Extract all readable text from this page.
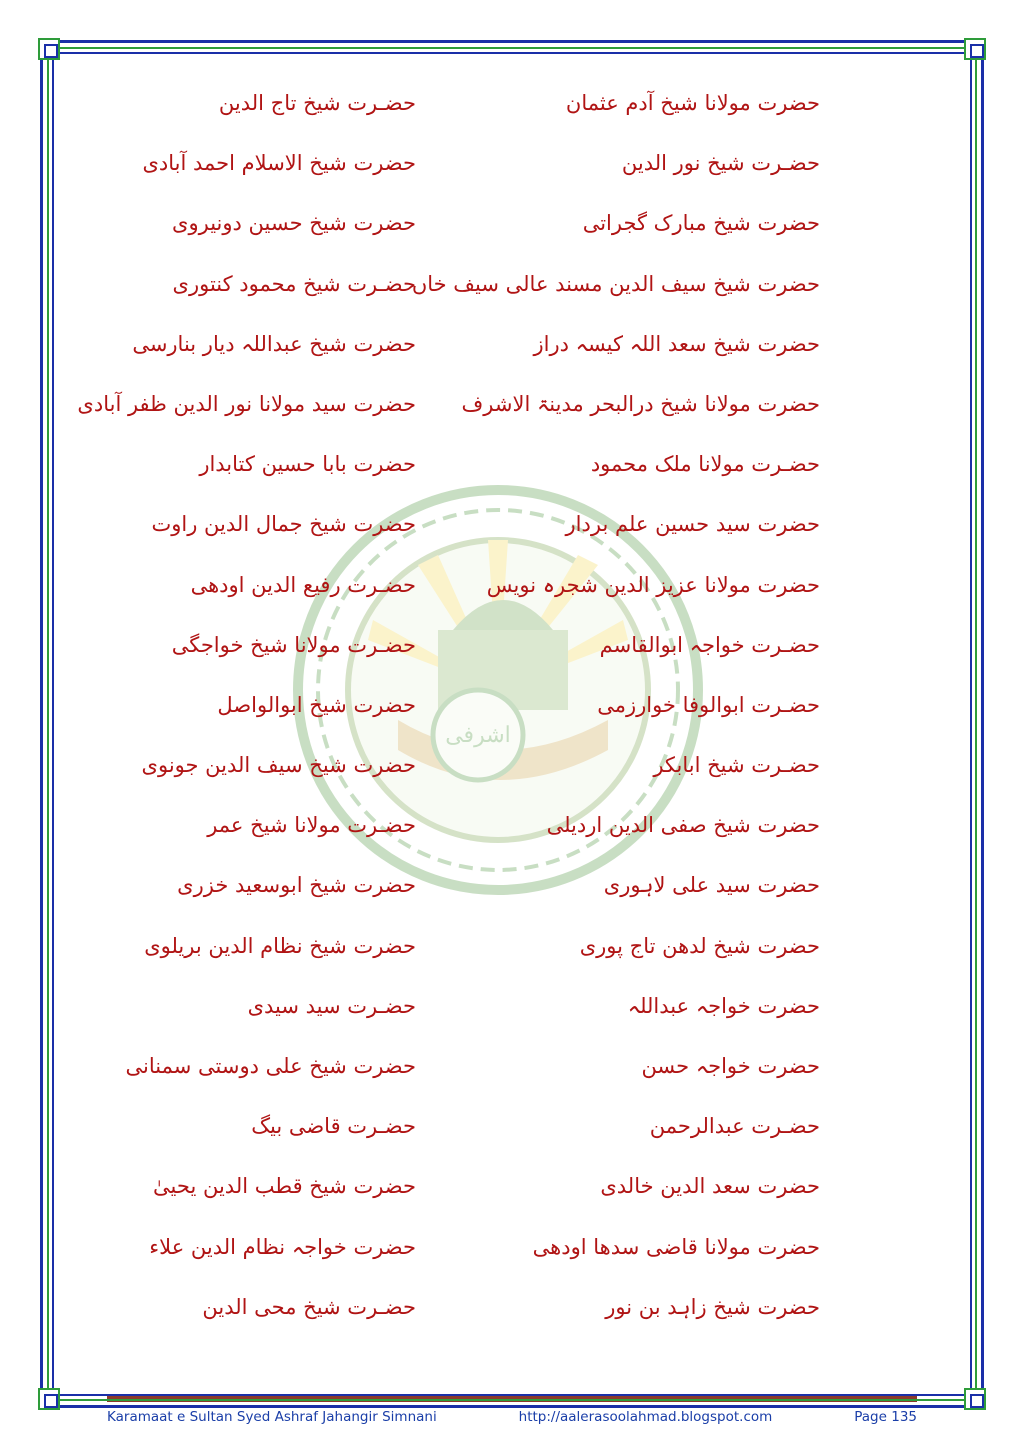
اشرفی
حضرت مولانا شیخ آدم عثمان
حضـرت شیخ نور الدین
حضرت شیخ مبارک گجراتی
حضرت شیخ سیف الدین مسند عالی سیف خاں
حضرت شیخ سعد اللہ کیسہ دراز
حضرت مولانا شیخ درالبحر مدینۃ الاشرف
حضـرت مولانا ملک محمود
حضرت سید حسین علم بردار
حضرت مولانا عزیز الدین شجرہ نویس
حضـرت خواجہ ابوالقاسم
حضـرت ابوالوفا خوارزمی
حضـرت شیخ ابابکر
حضرت شیخ صفی الدین اردیلی
حضرت سید علی لاہوری
حضرت شیخ لدھن تاج پوری
حضرت خواجہ عبداللہ
حضرت خواجہ حسن
حضـرت عبدالرحمن
حضرت سعد الدین خالدی
حضرت مولانا قاضی سدھا اودھی
حضرت شیخ زاہد بن نور
حضـرت شیخ تاج الدین
حضرت شیخ الاسلام احمد آبادی
حضرت شیخ حسین دونیروی
حضـرت شیخ محمود کنتوری
حضرت شیخ عبداللہ دیار بنارسی
حضرت سید مولانا نور الدین ظفر آبادی
حضرت بابا حسین کتابدار
حضرت شیخ جمال الدین راوت
حضـرت رفیع الدین اودھی
حضـرت مولانا شیخ خواجگی
حضرت شیخ ابوالواصل
حضرت شیخ سیف الدین جونوی
حضـرت مولانا شیخ عمر
حضرت شیخ ابوسعید خزری
حضرت شیخ نظام الدین بریلوی
حضـرت سید سیدی
حضرت شیخ علی دوستی سمنانی
حضـرت قاضی بیگ
حضرت شیخ قطب الدین یحییٰ
حضرت خواجہ نظام الدین علاء
حضـرت شیخ محی الدین
Karamaat e Sultan Syed Ashraf Jahangir Simnani	http://aalerasoolahmad.blogspot.com	Page 135
